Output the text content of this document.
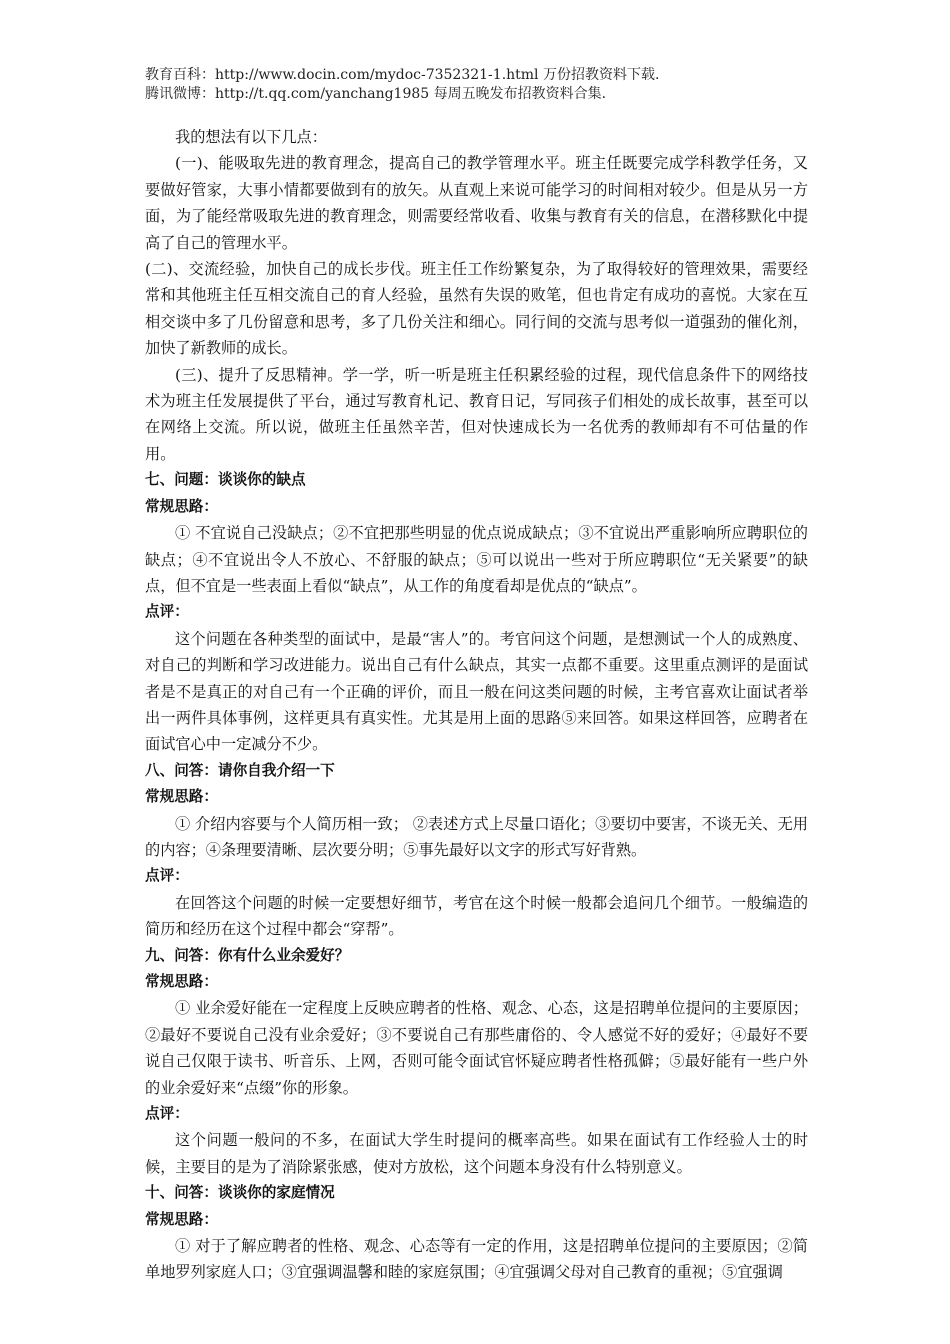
教育百科：http://www.docin.com/mydoc-7352321-1.html 万份招教资料下载.
腾讯微博：http://t.qq.com/yanchang1985 每周五晚发布招教资料合集.

我的想法有以下几点：

(一)、能吸取先进的教育理念，提高自己的教学管理水平。班主任既要完成学科教学任务，又要做好管家，大事小情都要做到有的放矢。从直观上来说可能学习的时间相对较少。但是从另一方面，为了能经常吸取先进的教育理念，则需要经常收看、收集与教育有关的信息，在潜移默化中提高了自己的管理水平。

(二)、交流经验，加快自己的成长步伐。班主任工作纷繁复杂，为了取得较好的管理效果，需要经常和其他班主任互相交流自己的育人经验，虽然有失误的败笔，但也肯定有成功的喜悦。大家在互相交谈中多了几份留意和思考，多了几份关注和细心。同行间的交流与思考似一道强劲的催化剂，加快了新教师的成长。

(三)、提升了反思精神。学一学，听一听是班主任积累经验的过程，现代信息条件下的网络技术为班主任发展提供了平台，通过写教育札记、教育日记，写同孩子们相处的成长故事，甚至可以在网络上交流。所以说，做班主任虽然辛苦，但对快速成长为一名优秀的教师却有不可估量的作用。

七、问题：谈谈你的缺点

常规思路：

① 不宜说自己没缺点；②不宜把那些明显的优点说成缺点；③不宜说出严重影响所应聘职位的缺点；④不宜说出令人不放心、不舒服的缺点；⑤可以说出一些对于所应聘职位“无关紧要”的缺点，但不宜是一些表面上看似“缺点”，从工作的角度看却是优点的“缺点”。

点评：

这个问题在各种类型的面试中，是最“害人”的。考官问这个问题，是想测试一个人的成熟度、对自己的判断和学习改进能力。说出自己有什么缺点，其实一点都不重要。这里重点测评的是面试者是不是真正的对自己有一个正确的评价，而且一般在问这类问题的时候，主考官喜欢让面试者举出一两件具体事例，这样更具有真实性。尤其是用上面的思路⑤来回答。如果这样回答，应聘者在面试官心中一定减分不少。

八、问答：请你自我介绍一下

常规思路：

① 介绍内容要与个人简历相一致； ②表述方式上尽量口语化；③要切中要害，不谈无关、无用的内容；④条理要清晰、层次要分明；⑤事先最好以文字的形式写好背熟。

点评：

在回答这个问题的时候一定要想好细节，考官在这个时候一般都会追问几个细节。一般编造的简历和经历在这个过程中都会“穿帮”。

九、问答：你有什么业余爱好？

常规思路：

① 业余爱好能在一定程度上反映应聘者的性格、观念、心态，这是招聘单位提问的主要原因；②最好不要说自己没有业余爱好；③不要说自己有那些庸俗的、令人感觉不好的爱好；④最好不要说自己仅限于读书、听音乐、上网，否则可能令面试官怀疑应聘者性格孤僻；⑤最好能有一些户外的业余爱好来“点缀”你的形象。

点评：

这个问题一般问的不多，在面试大学生时提问的概率高些。如果在面试有工作经验人士的时候，主要目的是为了消除紧张感，使对方放松，这个问题本身没有什么特别意义。

十、问答：谈谈你的家庭情况

常规思路：

① 对于了解应聘者的性格、观念、心态等有一定的作用，这是招聘单位提问的主要原因；②简单地罗列家庭人口；③宜强调温馨和睦的家庭氛围；④宜强调父母对自己教育的重视；⑤宜强调
